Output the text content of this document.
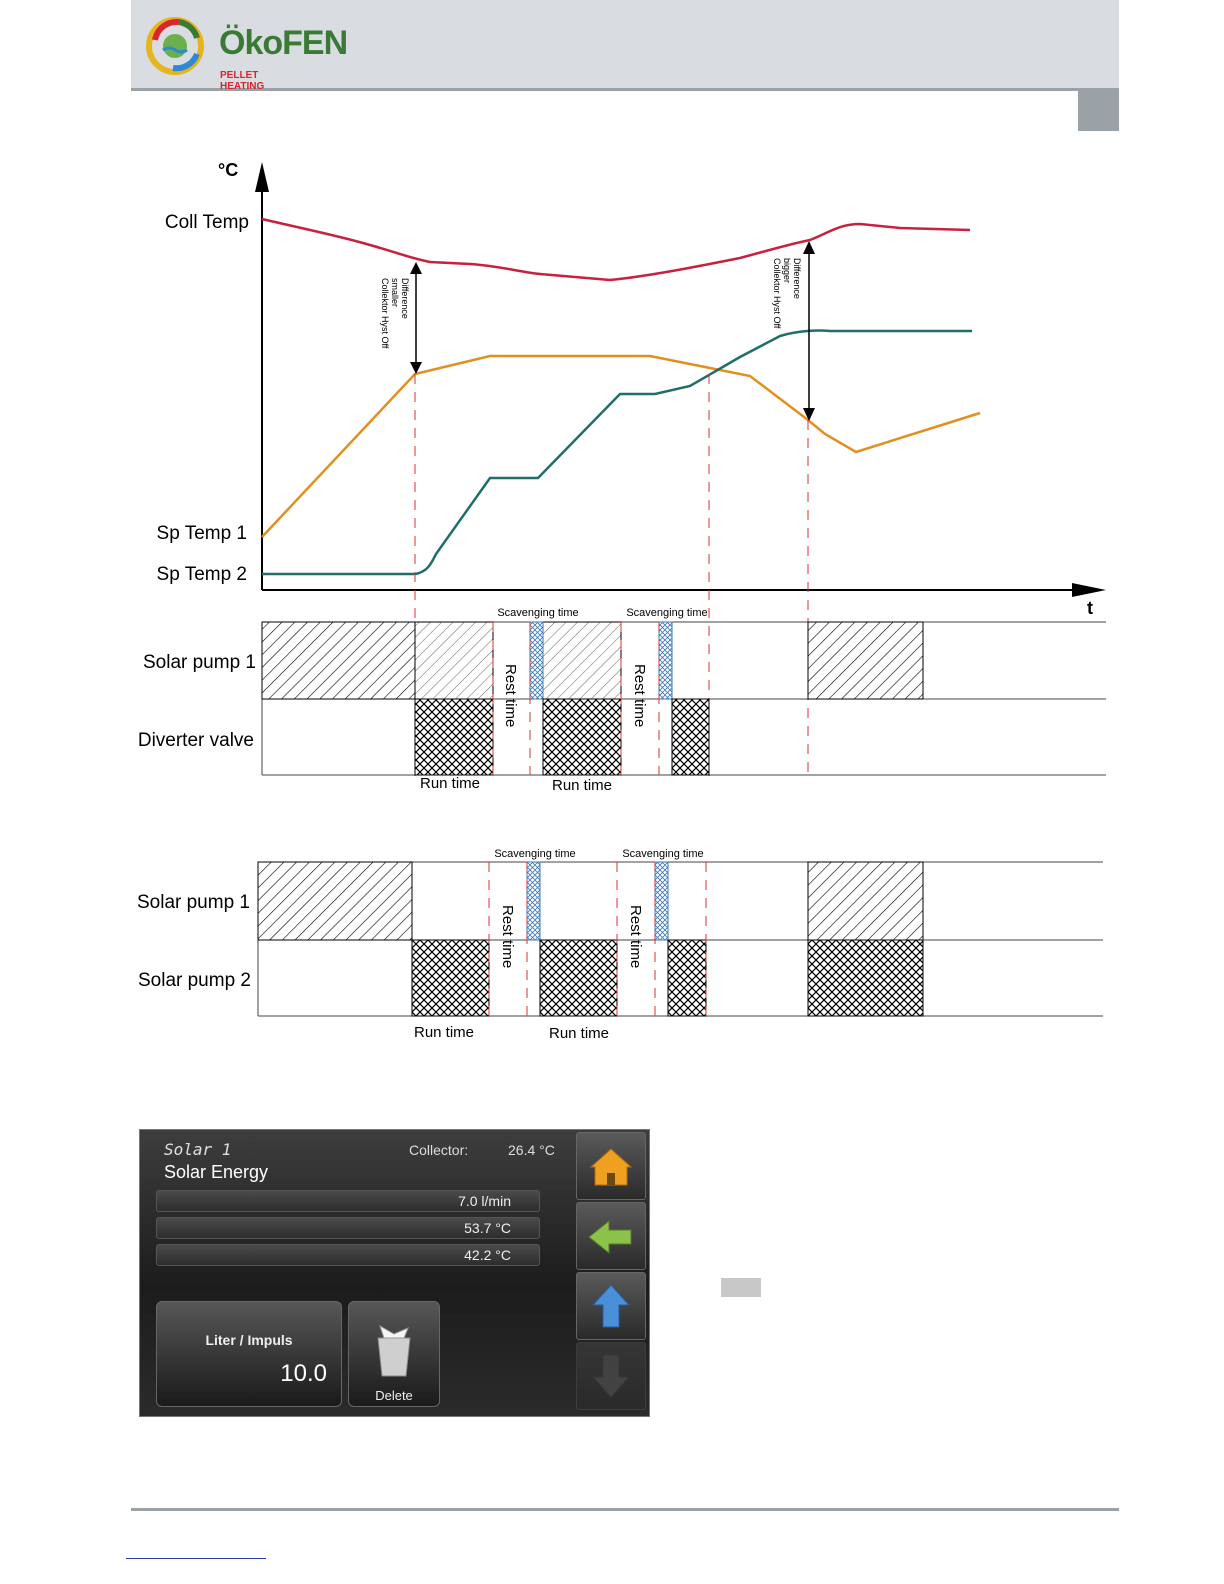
ÖkoFEN
PELLET HEATING
°C
t
Coll Temp
Sp Temp 1
Sp Temp 2
Difference
smaller
Collektor Hyst Off	Difference
bigger
Collektor Hyst Off
Solar pump 1
Diverter valve
Scavenging time	Scavenging time
Rest time	Rest time
Run time	Run time
Solar pump 1
Solar pump 2
Scavenging time	Scavenging time
Rest time	Rest time
Run time	Run time
Solar 1
Solar Energy
Collector:	26.4 °C
7.0 l/min
53.7 °C
42.2 °C
Liter / Impuls
10.0
Delete
